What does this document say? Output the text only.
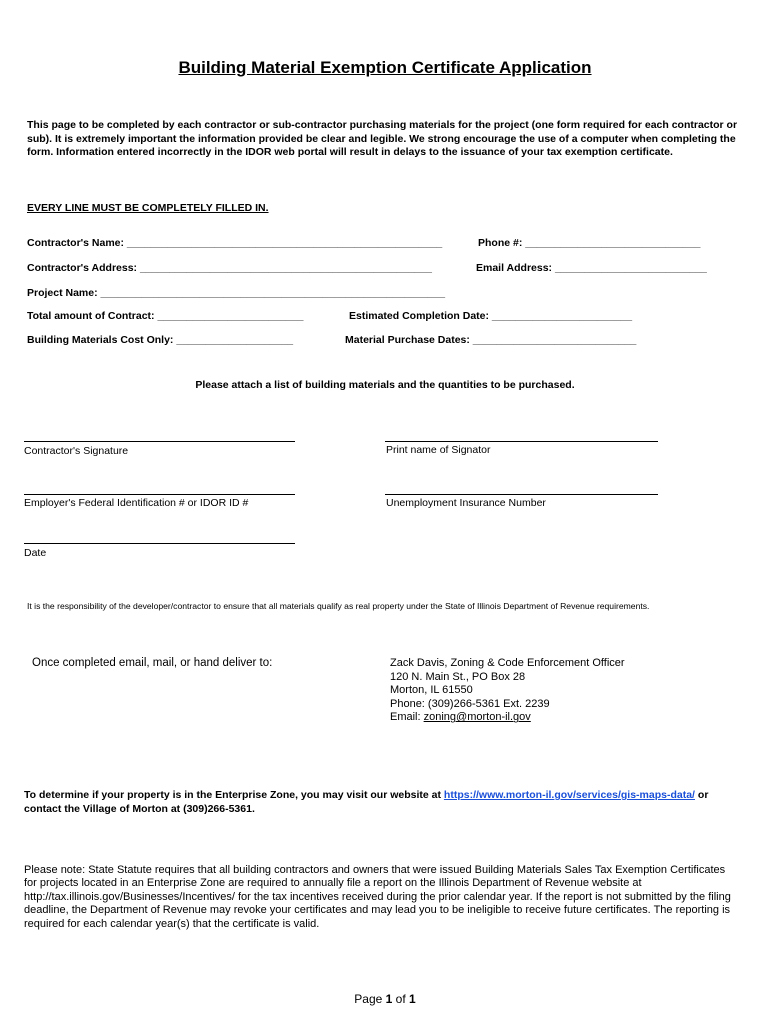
Building Material Exemption Certificate Application
This page to be completed by each contractor or sub-contractor purchasing materials for the project (one form required for each contractor or sub). It is extremely important the information provided be clear and legible. We strong encourage the use of a computer when completing the form. Information entered incorrectly in the IDOR web portal will result in delays to the issuance of your tax exemption certificate.
EVERY LINE MUST BE COMPLETELY FILLED IN.
Contractor's Name: ______________________________________________________	Phone #: ______________________________
Contractor's Address: __________________________________________________	Email Address: __________________________
Project Name: ___________________________________________________________
Total amount of Contract: _________________________	Estimated Completion Date: ________________________
Building Materials Cost Only: ____________________	Material Purchase Dates: ____________________________
Please attach a list of building materials and the quantities to be purchased.
Contractor's Signature	Print name of Signator
Employer's Federal Identification # or IDOR ID #	Unemployment Insurance Number
Date
It is the responsibility of the developer/contractor to ensure that all materials qualify as real property under the State of Illinois Department of Revenue requirements.
Once completed email, mail, or hand deliver to:	Zack Davis, Zoning & Code Enforcement Officer
120 N. Main St., PO Box 28
Morton, IL 61550
Phone: (309)266-5361 Ext. 2239
Email: zoning@morton-il.gov
To determine if your property is in the Enterprise Zone, you may visit our website at https://www.morton-il.gov/services/gis-maps-data/ or contact the Village of Morton at (309)266-5361.
Please note: State Statute requires that all building contractors and owners that were issued Building Materials Sales Tax Exemption Certificates for projects located in an Enterprise Zone are required to annually file a report on the Illinois Department of Revenue website at http://tax.illinois.gov/Businesses/Incentives/ for the tax incentives received during the prior calendar year. If the report is not submitted by the filing deadline, the Department of Revenue may revoke your certificates and may lead you to be ineligible to receive future certificates. The reporting is required for each calendar year(s) that the certificate is valid.
Page 1 of 1
